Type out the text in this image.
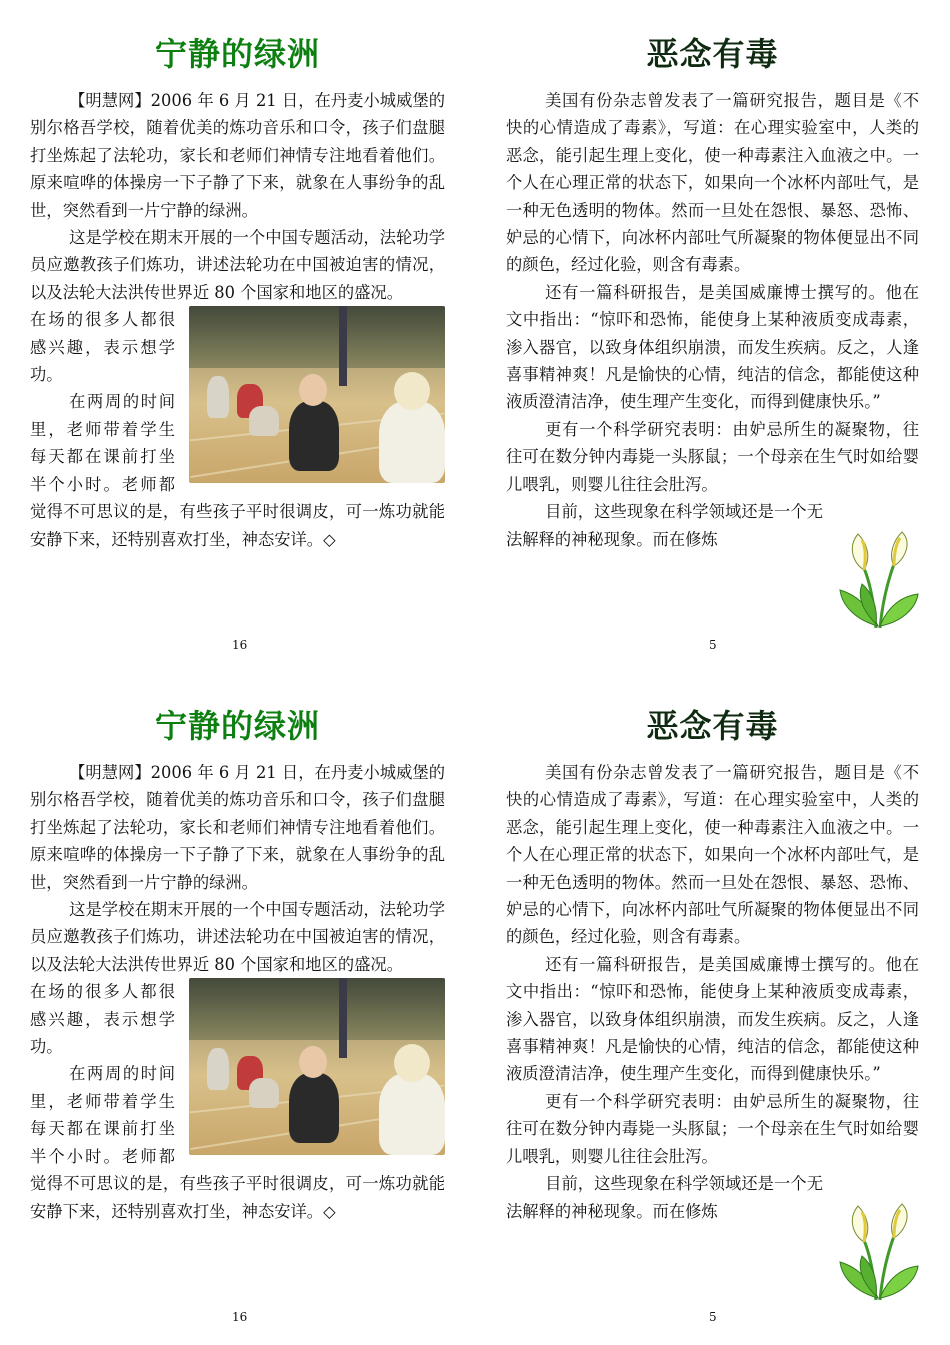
宁静的绿洲

【明慧网】2006 年 6 月 21 日，在丹麦小城威堡的别尔格吾学校，随着优美的炼功音乐和口令，孩子们盘腿打坐炼起了法轮功，家长和老师们神情专注地看着他们。原来喧哗的体操房一下子静了下来，就象在人事纷争的乱世，突然看到一片宁静的绿洲。

这是学校在期末开展的一个中国专题活动，法轮功学员应邀教孩子们炼功，讲述法轮功在中国被迫害的情况，以及法轮大法洪传世界近 80 个国家和地区的盛况。

在场的很多人都很感兴趣，表示想学功。

在两周的时间里，老师带着学生每天都在课前打坐半个小时。老师都觉得不可思议的是，有些孩子平时很调皮，可一炼功就能安静下来，还特别喜欢打坐，神态安详。◇

16
恶念有毒

美国有份杂志曾发表了一篇研究报告，题目是《不快的心情造成了毒素》，写道：在心理实验室中，人类的恶念，能引起生理上变化，使一种毒素注入血液之中。一个人在心理正常的状态下，如果向一个冰杯内部吐气，是一种无色透明的物体。然而一旦处在怨恨、暴怒、恐怖、妒忌的心情下，向冰杯内部吐气所凝聚的物体便显出不同的颜色，经过化验，则含有毒素。

还有一篇科研报告，是美国威廉博士撰写的。他在文中指出：“惊吓和恐怖，能使身上某种液质变成毒素，渗入器官，以致身体组织崩溃，而发生疾病。反之，人逢喜事精神爽！凡是愉快的心情，纯洁的信念，都能使这种液质澄清洁净，使生理产生变化，而得到健康快乐。”

更有一个科学研究表明：由妒忌所生的凝聚物，往往可在数分钟内毒毙一头豚鼠；一个母亲在生气时如给婴儿喂乳，则婴儿往往会肚泻。

目前，这些现象在科学领域还是一个无法解释的神秘现象。而在修炼

5
宁静的绿洲

【明慧网】2006 年 6 月 21 日，在丹麦小城威堡的别尔格吾学校，随着优美的炼功音乐和口令，孩子们盘腿打坐炼起了法轮功，家长和老师们神情专注地看着他们。原来喧哗的体操房一下子静了下来，就象在人事纷争的乱世，突然看到一片宁静的绿洲。

这是学校在期末开展的一个中国专题活动，法轮功学员应邀教孩子们炼功，讲述法轮功在中国被迫害的情况，以及法轮大法洪传世界近 80 个国家和地区的盛况。

在场的很多人都很感兴趣，表示想学功。

在两周的时间里，老师带着学生每天都在课前打坐半个小时。老师都觉得不可思议的是，有些孩子平时很调皮，可一炼功就能安静下来，还特别喜欢打坐，神态安详。◇

16
恶念有毒

美国有份杂志曾发表了一篇研究报告，题目是《不快的心情造成了毒素》，写道：在心理实验室中，人类的恶念，能引起生理上变化，使一种毒素注入血液之中。一个人在心理正常的状态下，如果向一个冰杯内部吐气，是一种无色透明的物体。然而一旦处在怨恨、暴怒、恐怖、妒忌的心情下，向冰杯内部吐气所凝聚的物体便显出不同的颜色，经过化验，则含有毒素。

还有一篇科研报告，是美国威廉博士撰写的。他在文中指出：“惊吓和恐怖，能使身上某种液质变成毒素，渗入器官，以致身体组织崩溃，而发生疾病。反之，人逢喜事精神爽！凡是愉快的心情，纯洁的信念，都能使这种液质澄清洁净，使生理产生变化，而得到健康快乐。”

更有一个科学研究表明：由妒忌所生的凝聚物，往往可在数分钟内毒毙一头豚鼠；一个母亲在生气时如给婴儿喂乳，则婴儿往往会肚泻。

目前，这些现象在科学领域还是一个无法解释的神秘现象。而在修炼

5
